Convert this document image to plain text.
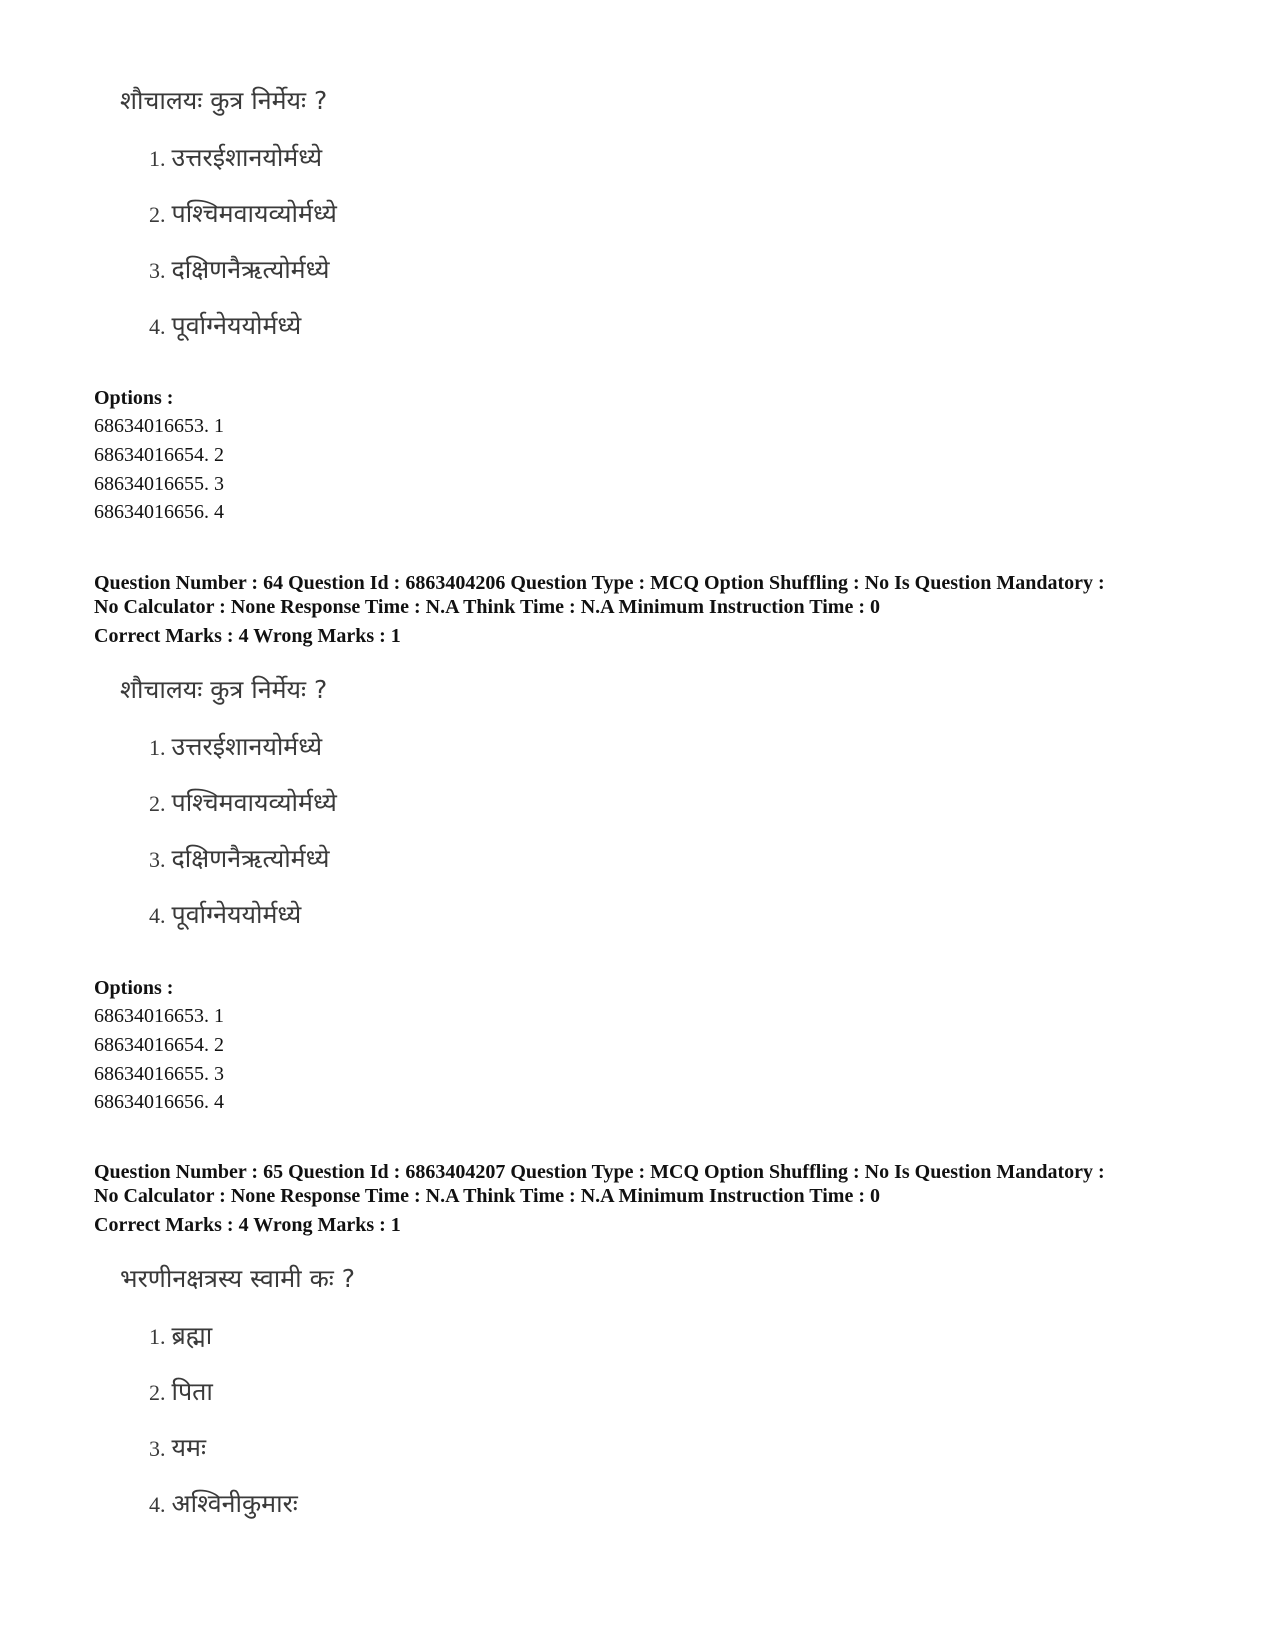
शौचालयः कुत्र निर्मेयः ?
1. उत्तरईशानयोर्मध्ये
2. पश्चिमवायव्योर्मध्ये
3. दक्षिणनैऋत्योर्मध्ये
4. पूर्वाग्नेययोर्मध्ये
Options :
68634016653. 1
68634016654. 2
68634016655. 3
68634016656. 4
Question Number : 64 Question Id : 6863404206 Question Type : MCQ Option Shuffling : No Is Question Mandatory :
No Calculator : None Response Time : N.A Think Time : N.A Minimum Instruction Time : 0
Correct Marks : 4 Wrong Marks : 1
शौचालयः कुत्र निर्मेयः ?
1. उत्तरईशानयोर्मध्ये
2. पश्चिमवायव्योर्मध्ये
3. दक्षिणनैऋत्योर्मध्ये
4. पूर्वाग्नेययोर्मध्ये
Options :
68634016653. 1
68634016654. 2
68634016655. 3
68634016656. 4
Question Number : 65 Question Id : 6863404207 Question Type : MCQ Option Shuffling : No Is Question Mandatory :
No Calculator : None Response Time : N.A Think Time : N.A Minimum Instruction Time : 0
Correct Marks : 4 Wrong Marks : 1
भरणीनक्षत्रस्य स्वामी कः ?
1. ब्रह्मा
2. पिता
3. यमः
4. अश्विनीकुमारः
